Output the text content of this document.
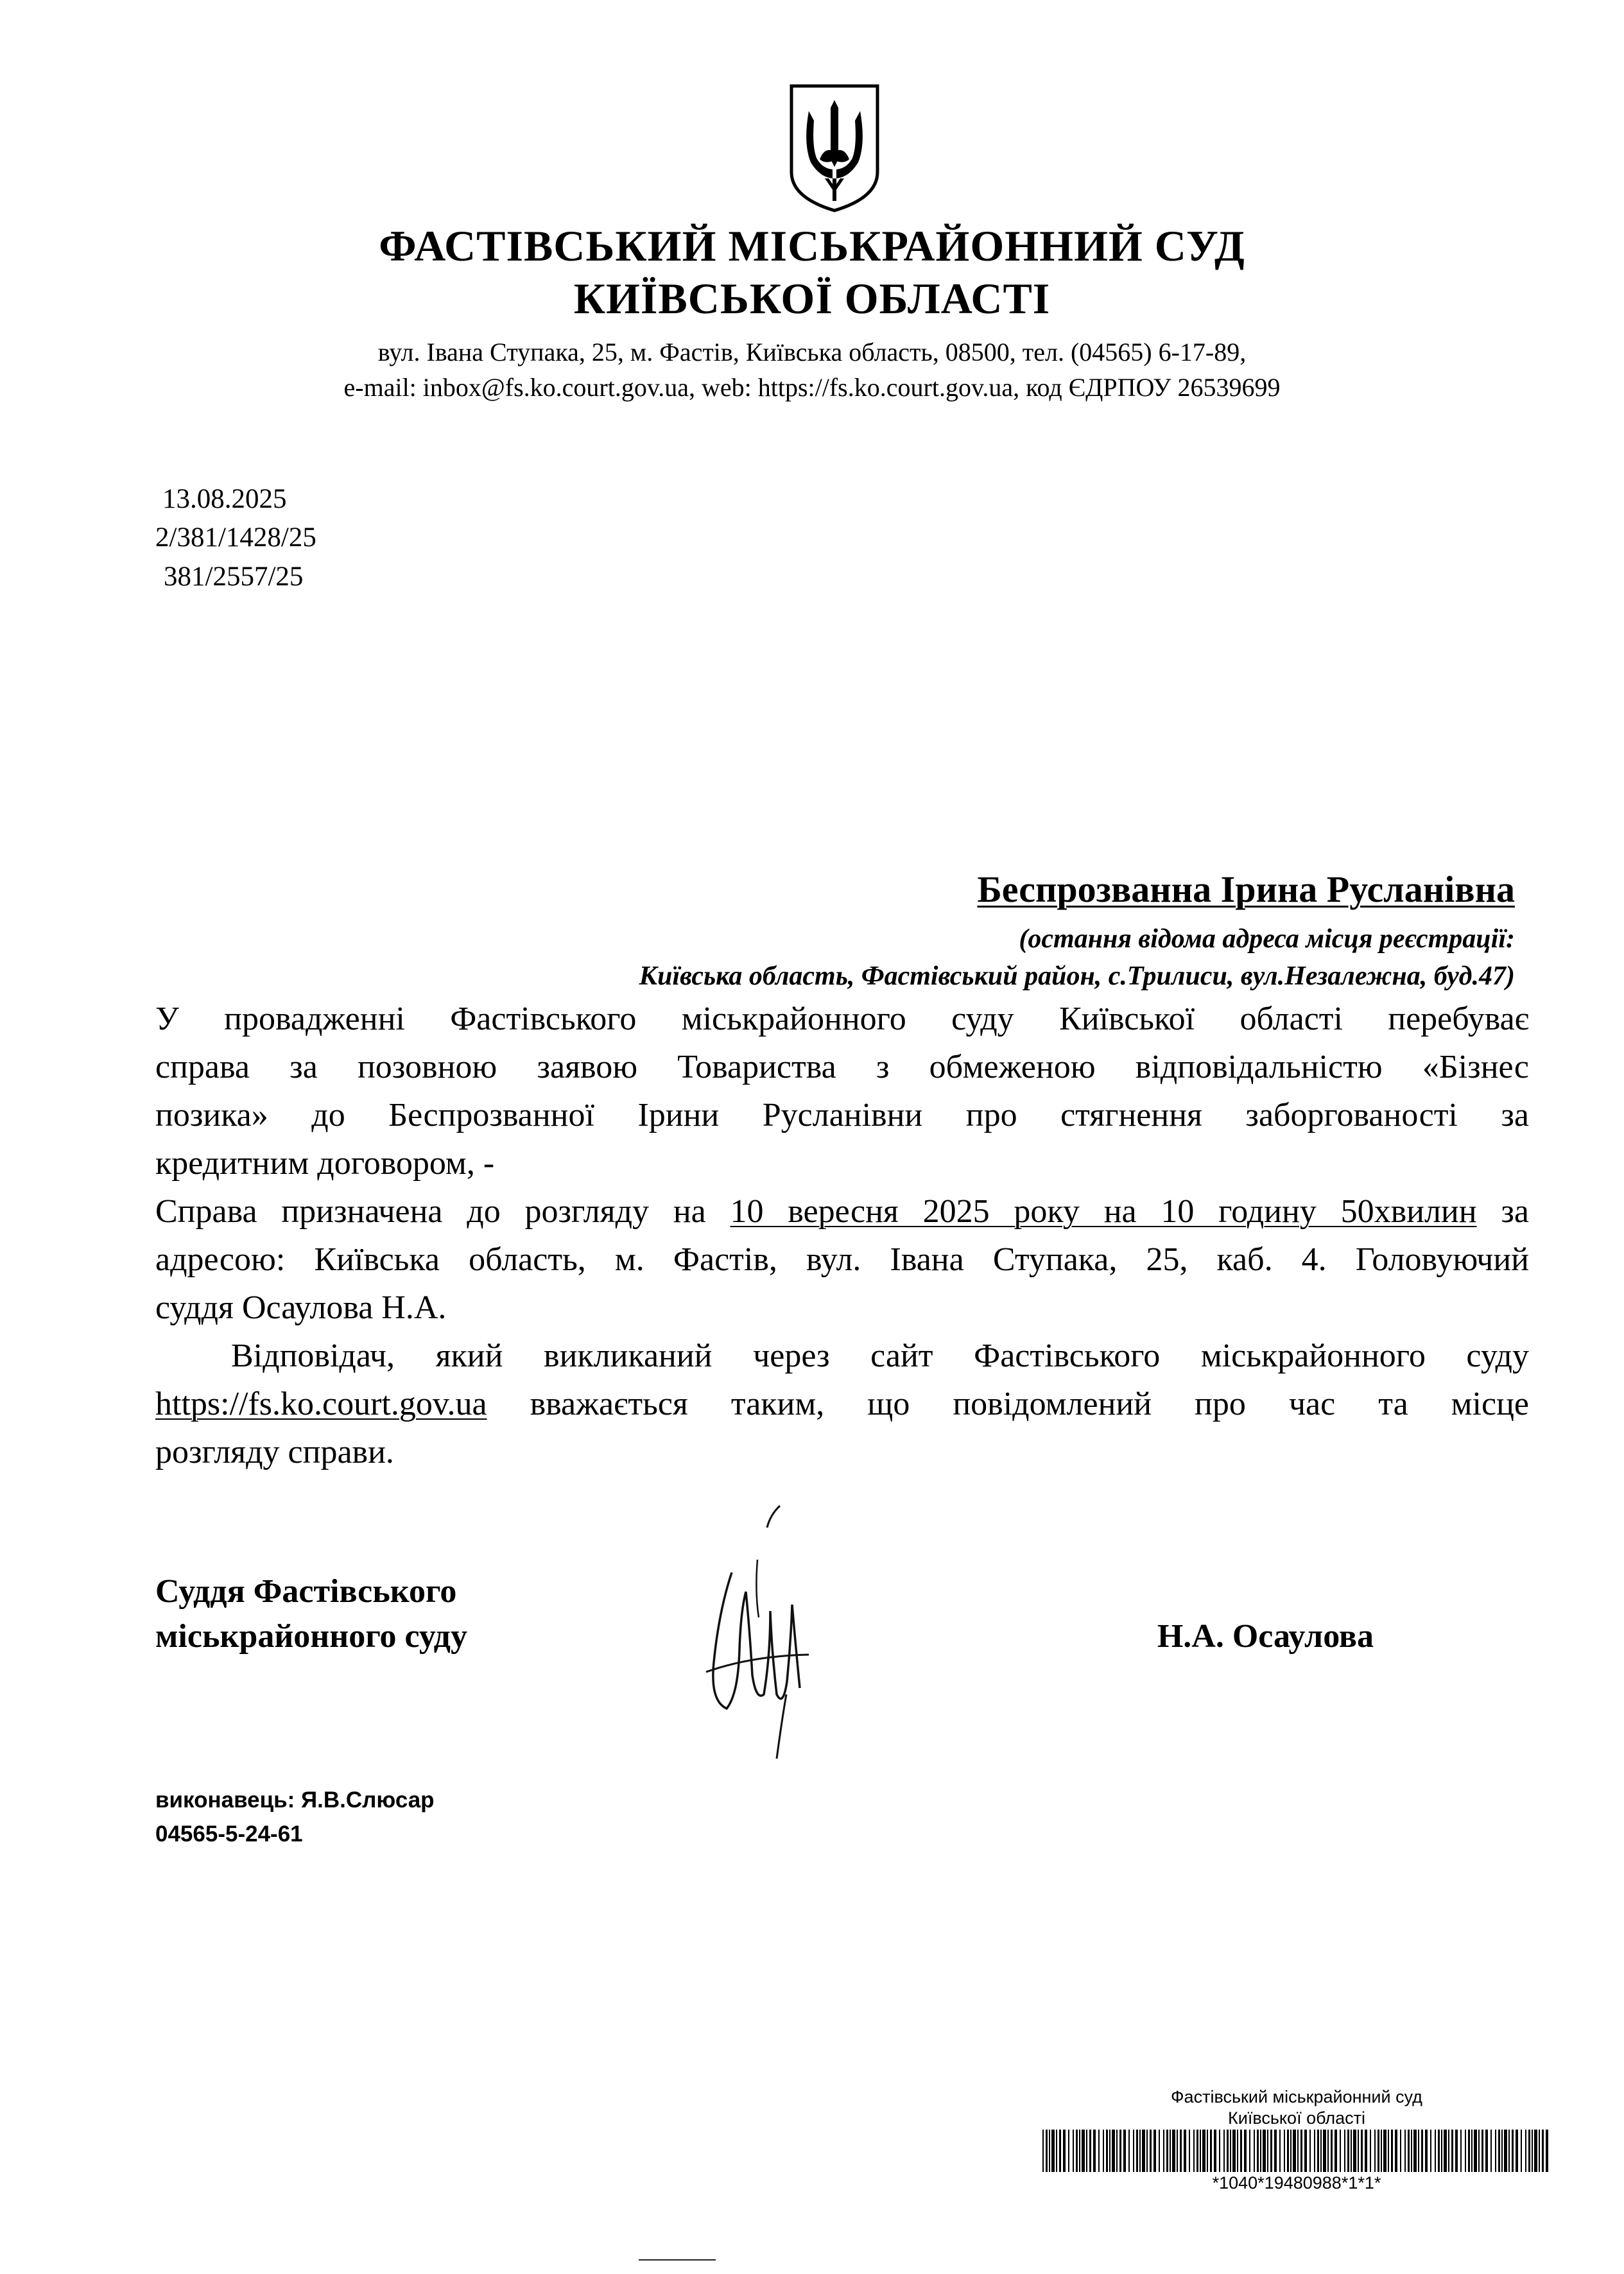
ФАСТІВСЬКИЙ МІСЬКРАЙОННИЙ СУД
КИЇВСЬКОЇ ОБЛАСТІ
вул. Івана Ступака, 25, м. Фастів, Київська область, 08500, тел. (04565) 6-17-89,
e-mail: inbox@fs.ko.court.gov.ua, web: https://fs.ko.court.gov.ua, код ЄДРПОУ 26539699
13.08.2025
2/381/1428/25
381/2557/25
Беспрозванна Ірина Русланівна
(остання відома адреса місця реєстрації:
Київська область, Фастівський район, с.Трилиси, вул.Незалежна, буд.47)
У провадженні Фастівського міськрайонного суду Київської області перебуває
справа за позовною заявою Товариства з обмеженою відповідальністю «Бізнес
позика» до Беспрозванної Ірини Русланівни про стягнення заборгованості за
кредитним договором, -
Справа призначена до розгляду на 10 вересня 2025 року на 10 годину 50хвилин за
адресою: Київська область, м. Фастів, вул. Івана Ступака, 25, каб. 4. Головуючий
суддя Осаулова Н.А.
Відповідач, який викликаний через сайт Фастівського міськрайонного суду
https://fs.ko.court.gov.ua вважається таким, що повідомлений про час та місце
розгляду справи.
Суддя Фастівського
міськрайонного суду	Н.А. Осаулова
виконавець: Я.В.Слюсар
04565-5-24-61
Фастівський міськрайонний суд
Київської області
*1040*19480988*1*1*
